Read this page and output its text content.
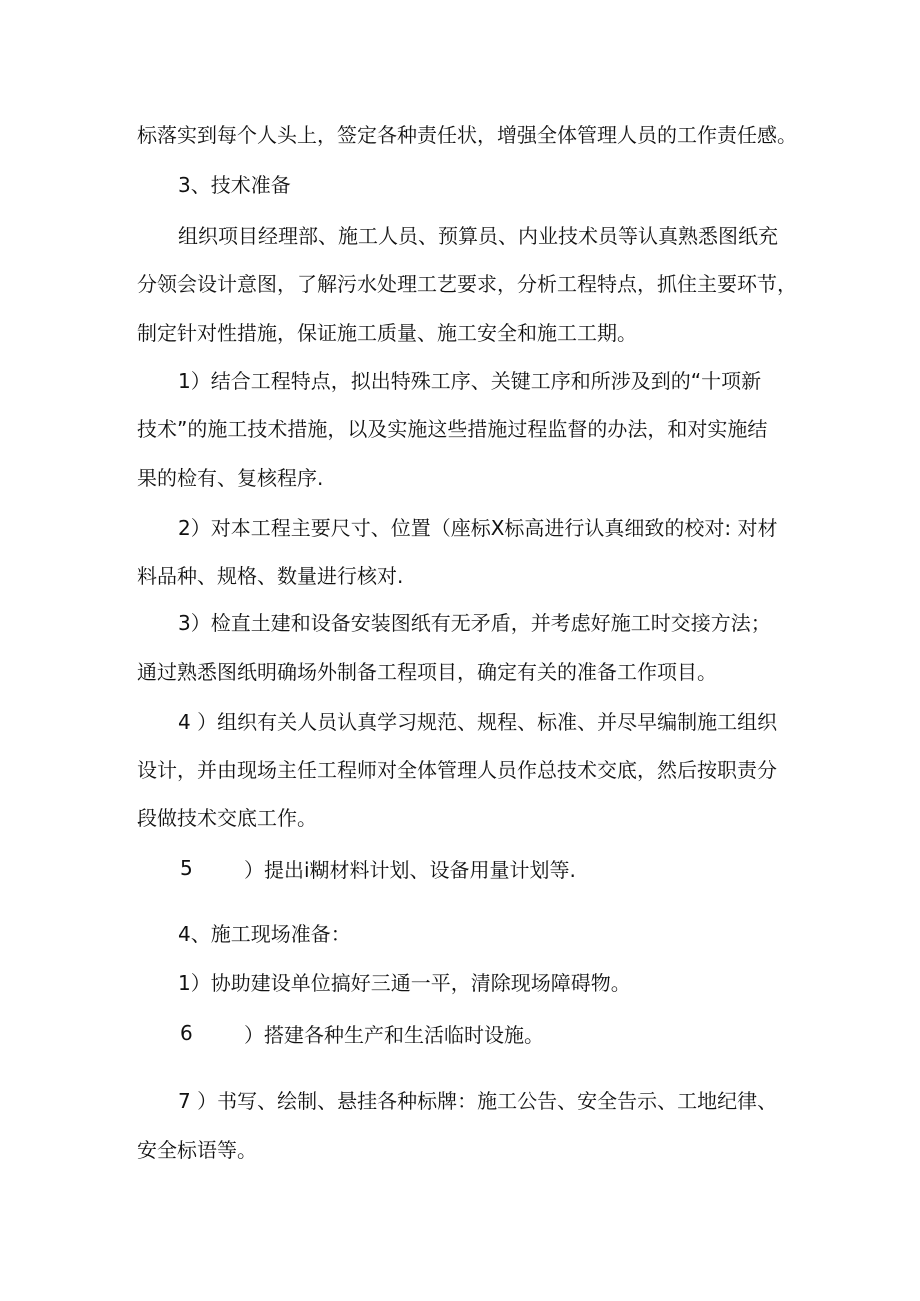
标落实到每个人头上，签定各种责任状，增强全体管理人员的工作责任感。
3、技术准备
组织项目经理部、施工人员、预算员、内业技术员等认真熟悉图纸充
分领会设计意图，了解污水处理工艺要求，分析工程特点，抓住主要环节，
制定针对性措施，保证施工质量、施工安全和施工工期。
1）结合工程特点，拟出特殊工序、关键工序和所涉及到的“十项新
技术”的施工技术措施，以及实施这些措施过程监督的办法，和对实施结
果的检有、复核程序.
2）对本工程主要尺寸、位置（座标X标高进行认真细致的校对: 对材
料品种、规格、数量进行核对.
3）检直土建和设备安装图纸有无矛盾，并考虑好施工时交接方法；
通过熟悉图纸明确场外制备工程项目，确定有关的准备工作项目。
4 ）组织有关人员认真学习规范、规程、标准、并尽早编制施工组织
设计，并由现场主任工程师对全体管理人员作总技术交底，然后按职责分
段做技术交底工作。
5	）提出i糊材料计划、设备用量计划等.
4、施工现场准备：
1）协助建设单位搞好三通一平，清除现场障碍物。
6	）搭建各种生产和生活临时设施。
7 ）书写、绘制、悬挂各种标牌：施工公告、安全告示、工地纪律、
安全标语等。
